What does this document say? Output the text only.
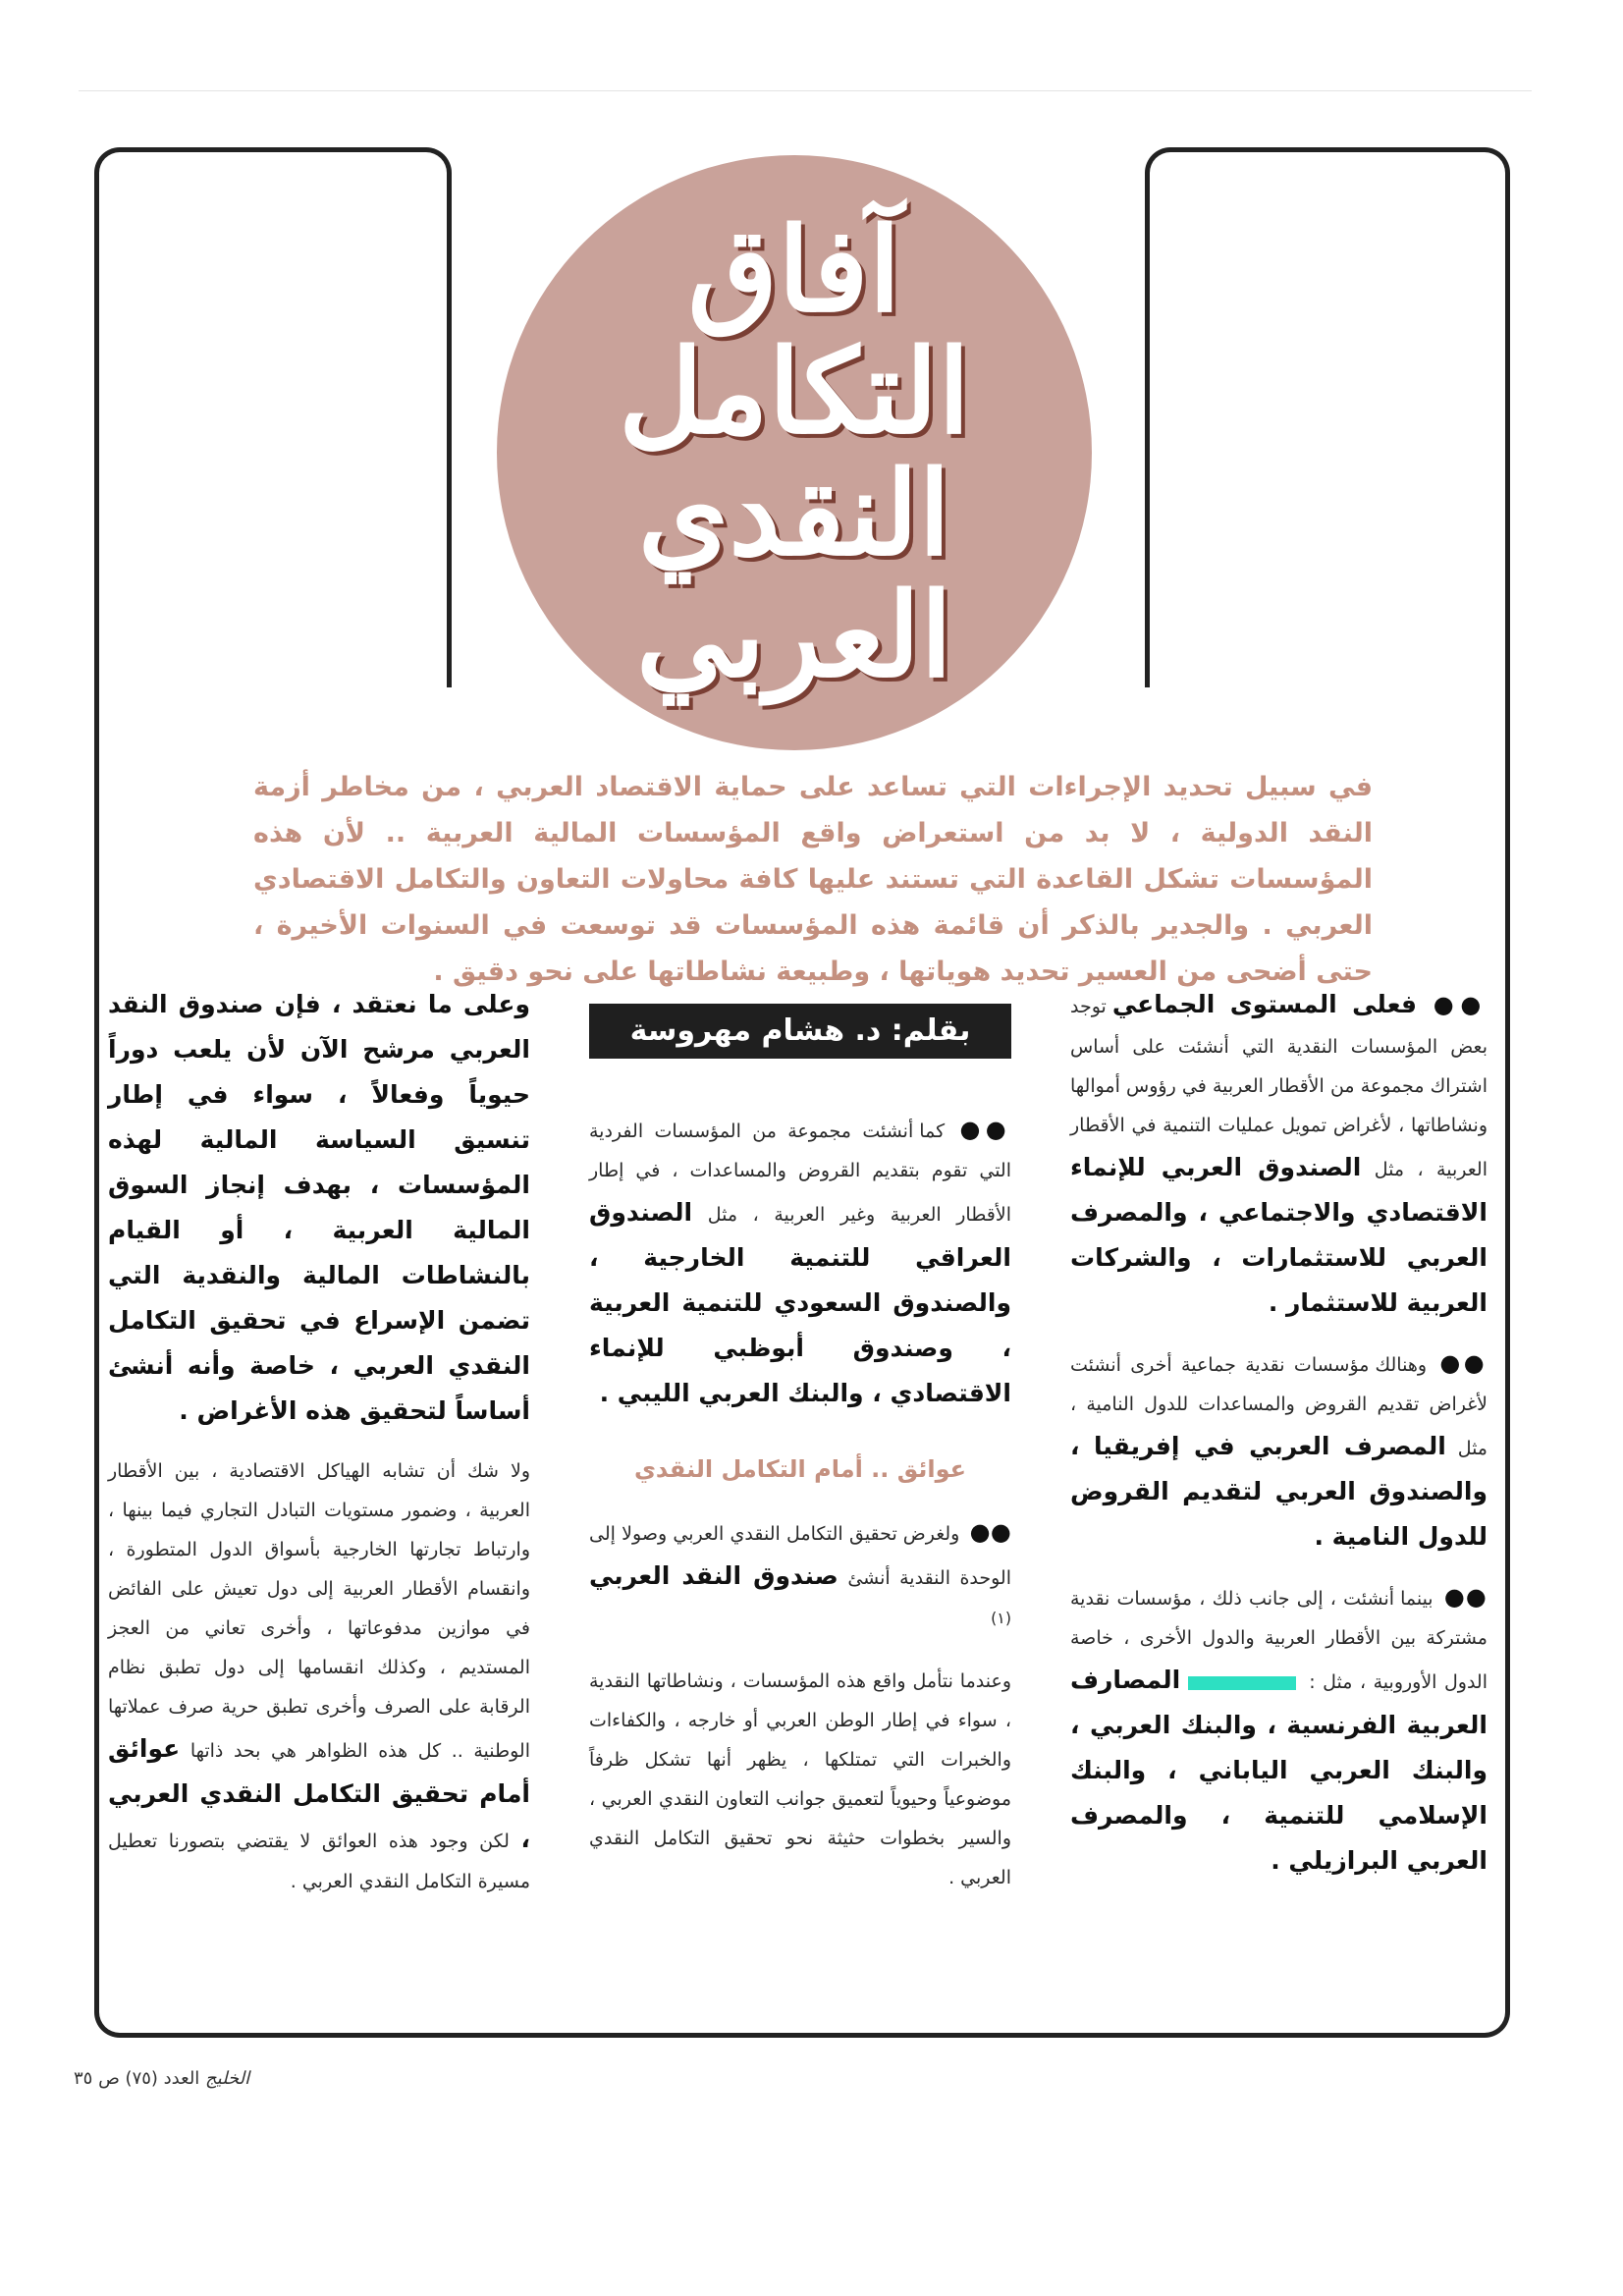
آفاق
التكامل
النقدي
العربي
في سبيل تحديد الإجراءات التي تساعد على حماية الاقتصاد العربي ، من مخاطر أزمة النقد الدولية ، لا بد من استعراض واقع المؤسسات المالية العربية .. لأن هذه المؤسسات تشكل القاعدة التي تستند عليها كافة محاولات التعاون والتكامل الاقتصادي العربي . والجدير بالذكر أن قائمة هذه المؤسسات قد توسعت في السنوات الأخيرة ، حتى أضحى من العسير تحديد هوياتها ، وطبيعة نشاطاتها على نحو دقيق .

●● فعلى المستوى الجماعي توجد بعض المؤسسات النقدية التي أنشئت على أساس اشتراك مجموعة من الأقطار العربية في رؤوس أموالها ونشاطاتها ، لأغراض تمويل عمليات التنمية في الأقطار العربية ، مثل الصندوق العربي للإنماء الاقتصادي والاجتماعي ، والمصرف العربي للاستثمارات ، والشركات العربية للاستثمار .

●● وهنالك مؤسسات نقدية جماعية أخرى أنشئت لأغراض تقديم القروض والمساعدات للدول النامية ، مثل المصرف العربي في إفريقيا ، والصندوق العربي لتقديم القروض للدول النامية .

●● بينما أنشئت ، إلى جانب ذلك ، مؤسسات نقدية مشتركة بين الأقطار العربية والدول الأخرى ، خاصة الدول الأوروبية ، مثل :  المصارف العربية الفرنسية ، والبنك العربي ، والبنك العربي الياباني ، والبنك الإسلامي للتنمية ، والمصرف العربي البرازيلي .

بقلم: د. هشام مهروسة

●● كما أنشئت مجموعة من المؤسسات الفردية التي تقوم بتقديم القروض والمساعدات ، في إطار الأقطار العربية وغير العربية ، مثل الصندوق العراقي للتنمية الخارجية ، والصندوق السعودي للتنمية العربية ، وصندوق أبوظبي للإنماء الاقتصادي ، والبنك العربي الليبي .

عوائق .. أمام التكامل النقدي

●● ولغرض تحقيق التكامل النقدي العربي وصولا إلى الوحدة النقدية أنشئ صندوق النقد العربي $^{(١)}$

وعندما نتأمل واقع هذه المؤسسات ، ونشاطاتها النقدية ، سواء في إطار الوطن العربي أو خارجه ، والكفاءات والخبرات التي تمتلكها ، يظهر أنها تشكل ظرفاً موضوعياً وحيوياً لتعميق جوانب التعاون النقدي العربي ، والسير بخطوات حثيثة نحو تحقيق التكامل النقدي العربي .

وعلى ما نعتقد ، فإن صندوق النقد العربي مرشح الآن لأن يلعب دوراً حيوياً وفعالاً ، سواء في إطار تنسيق السياسة المالية لهذه المؤسسات ، بهدف إنجاز السوق المالية العربية ، أو القيام بالنشاطات المالية والنقدية التي تضمن الإسراع في تحقيق التكامل النقدي العربي ، خاصة وأنه أنشئ أساساً لتحقيق هذه الأغراض .

ولا شك أن تشابه الهياكل الاقتصادية ، بين الأقطار العربية ، وضمور مستويات التبادل التجاري فيما بينها ، وارتباط تجارتها الخارجية بأسواق الدول المتطورة ، وانقسام الأقطار العربية إلى دول تعيش على الفائض في موازين مدفوعاتها ، وأخرى تعاني من العجز المستديم ، وكذلك انقسامها إلى دول تطبق نظام الرقابة على الصرف وأخرى تطبق حرية صرف عملاتها الوطنية .. كل هذه الظواهر هي بحد ذاتها عوائق أمام تحقيق التكامل النقدي العربي ، لكن وجود هذه العوائق لا يقتضي بتصورنا تعطيل مسيرة التكامل النقدي العربي .

الخليج العدد (٧٥) ص ٣٥
